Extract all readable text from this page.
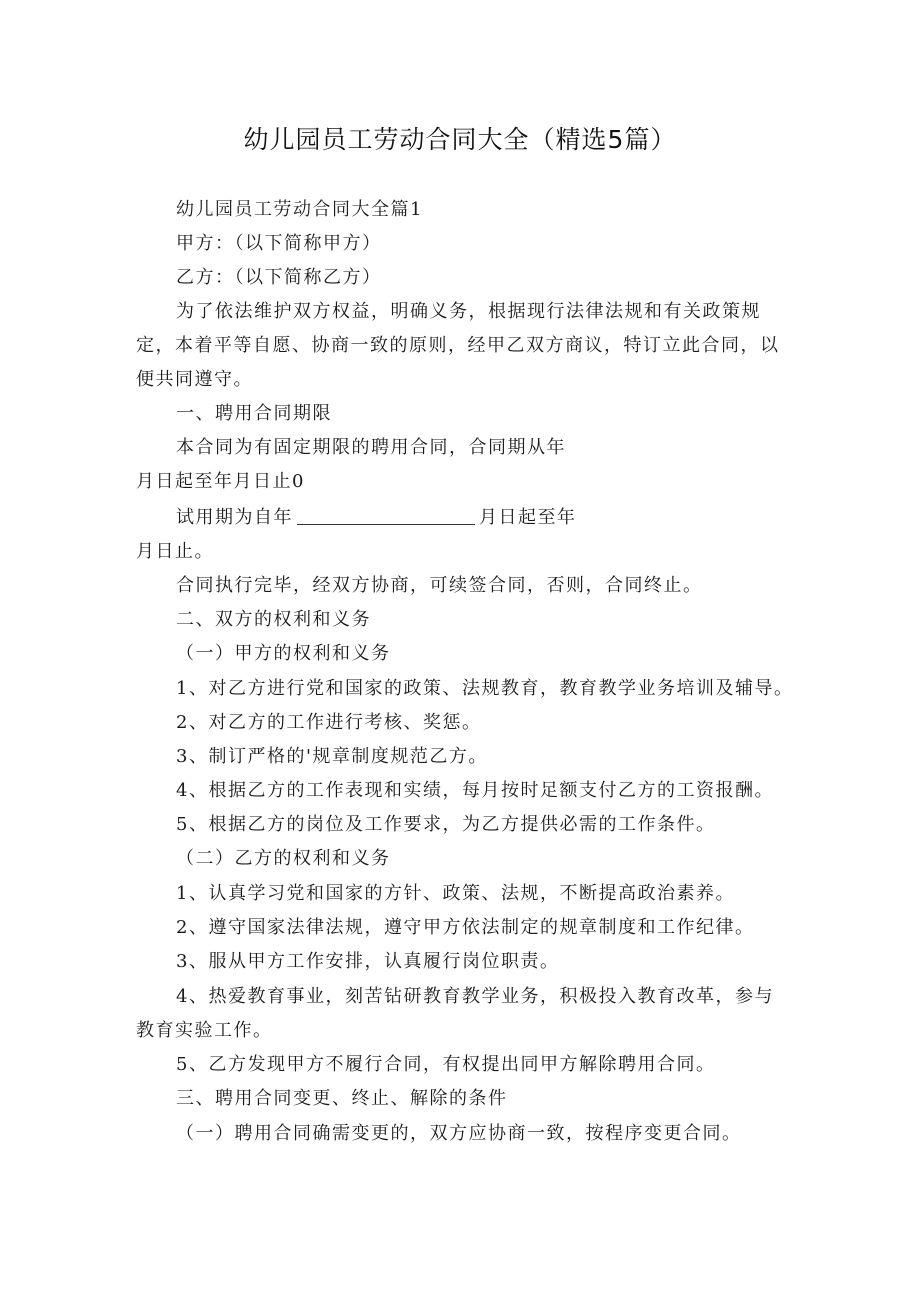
幼儿园员工劳动合同大全（精选5篇）
幼儿园员工劳动合同大全篇1
甲方：（以下简称甲方）
乙方：（以下简称乙方）
为了依法维护双方权益，明确义务，根据现行法律法规和有关政策规
定，本着平等自愿、协商一致的原则，经甲乙双方商议，特订立此合同，以
便共同遵守。
一、聘用合同期限
本合同为有固定期限的聘用合同，合同期从年
月日起至年月日止0
试用期为自年	月日起至年
月日止。
合同执行完毕，经双方协商，可续签合同，否则，合同终止。
二、双方的权利和义务
（一）甲方的权利和义务
1、对乙方进行党和国家的政策、法规教育，教育教学业务培训及辅导。
2、对乙方的工作进行考核、奖惩。
3、制订严格的'规章制度规范乙方。
4、根据乙方的工作表现和实绩，每月按时足额支付乙方的工资报酬。
5、根据乙方的岗位及工作要求，为乙方提供必需的工作条件。
（二）乙方的权利和义务
1、认真学习党和国家的方针、政策、法规，不断提高政治素养。
2、遵守国家法律法规，遵守甲方依法制定的规章制度和工作纪律。
3、服从甲方工作安排，认真履行岗位职责。
4、热爱教育事业，刻苦钻研教育教学业务，积极投入教育改革，参与
教育实验工作。
5、乙方发现甲方不履行合同，有权提出同甲方解除聘用合同。
三、聘用合同变更、终止、解除的条件
（一）聘用合同确需变更的，双方应协商一致，按程序变更合同。
